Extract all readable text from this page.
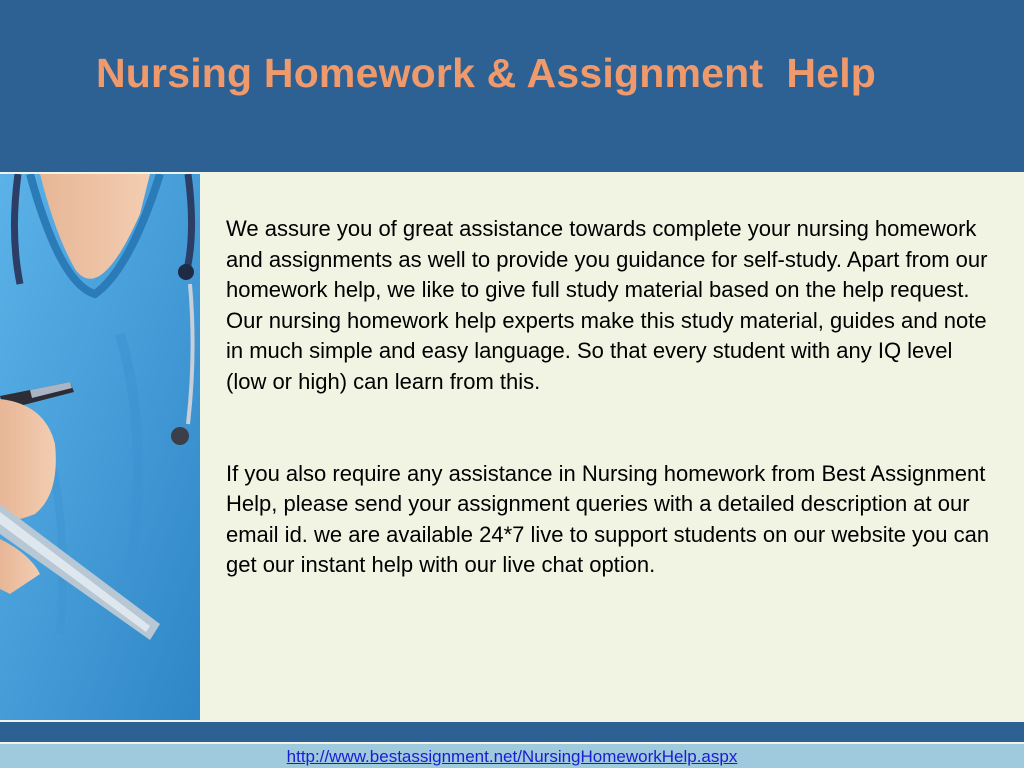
Nursing Homework & Assignment  Help

We assure you of great assistance towards complete your nursing homework and assignments as well to provide you guidance for self-study. Apart from our homework help, we like to give full study material based on the help request. Our nursing homework help experts make this study material, guides and note in much simple and easy language. So that every student with any IQ level (low or high) can learn from this.

If you also require any assistance in Nursing homework from Best Assignment Help, please send your assignment queries with a detailed description at our email id. we are available 24*7 live to support students on our website you can get our instant help with our live chat option.

http://www.bestassignment.net/NursingHomeworkHelp.aspx
